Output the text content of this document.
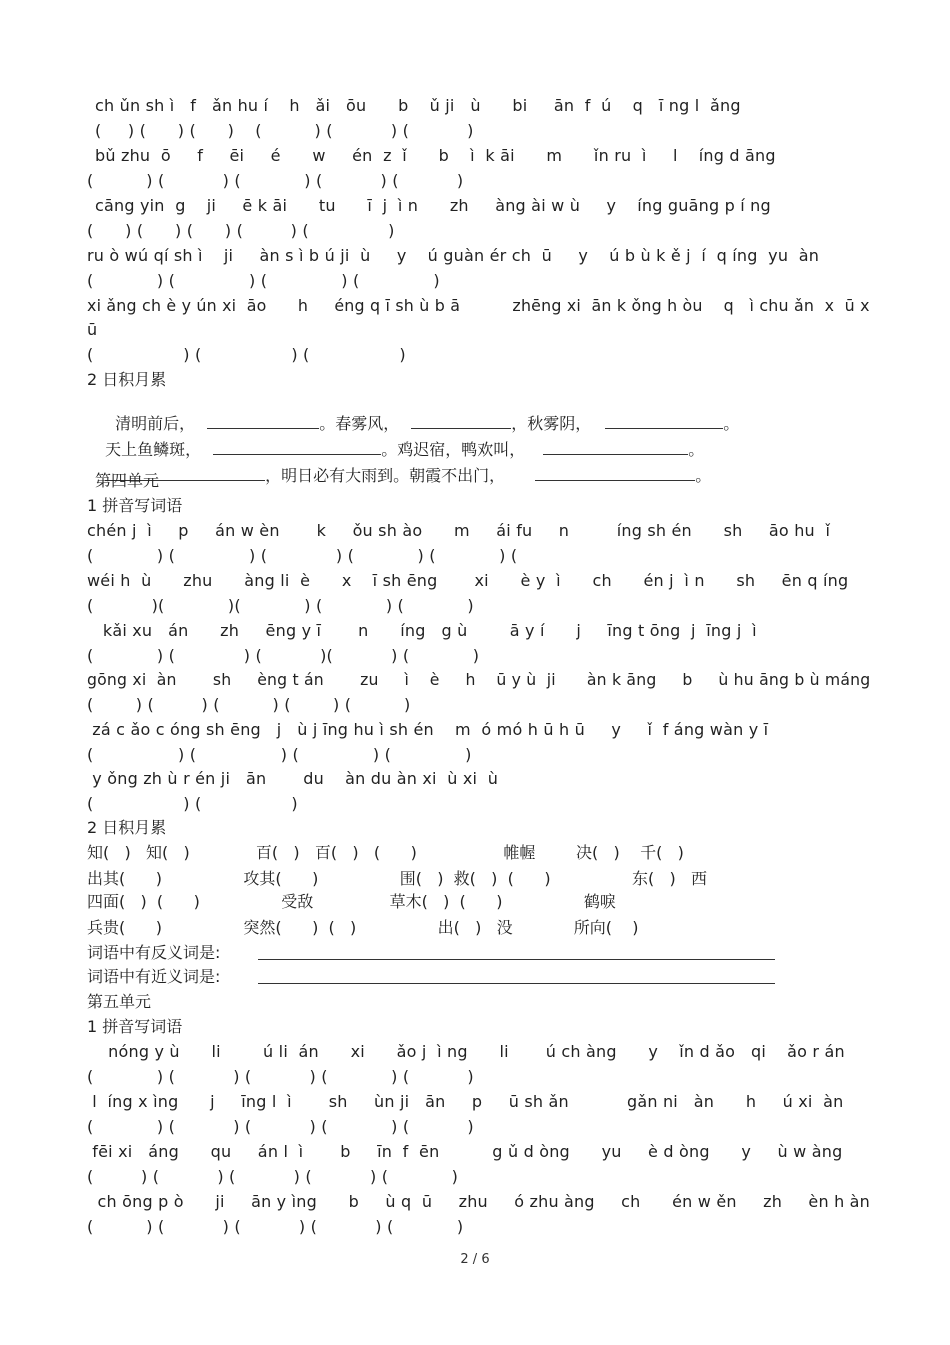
ch ǔn sh ì   f   ǎn hu í    h   ǎi   ōu      b    ǔ ji   ù      bi     ān  f  ú    q   ī ng l  ǎng
(     ) (      ) (      )    (          ) (           ) (           )
bǔ zhu  ō     f     ēi     é      w     én  z  ǐ      b    ì  k āi      m      ǐn ru  ì     l    íng d āng
(          ) (           ) (            ) (           ) (           )
cāng yin  g    ji     ē k āi      tu      ī  j  ì n      zh     àng ài w ù     y    íng guāng p í ng
(      ) (      ) (      ) (         ) (               )
ru ò wú qí sh ì    ji     àn s ì b ú ji  ù     y    ú guàn ér ch  ū     y    ú b ù k ě j  í  q íng  yu  àn
(            ) (              ) (              ) (              )
xi ǎng ch è y ún xi  āo      h     éng q ī sh ù b ā          zhēng xi  ān k ǒng h òu    q   ì chu ǎn  x  ū x
ū
(                 ) (                 ) (                 )
2 日积月累

清明前后，	。春雾风，	，秋雾阴，	。

天上鱼鳞斑，	。鸡迟宿，鸭欢叫，	。

，明日必有大雨到。朝霞不出门，	。

第四单元
1 拼音写词语
chén j  ì     p     án w èn       k     ǒu sh ào      m     ái fu     n         íng sh én      sh     āo hu  ǐ
(            ) (              ) (             ) (            ) (            ) (
wéi h  ù      zhu      àng li  è      x    ī sh ēng       xi      è y  ì      ch      én j  ì n      sh     ēn q íng
(           )(            )(            ) (            ) (            )
kǎi xu   án      zh     ēng y ī       n      íng   g ù        ā y í      j     īng t ōng  j  īng j  ì
(            ) (             ) (           )(           ) (            )
gōng xi  àn       sh     èng t án       zu     ì    è     h    ū y ù  ji      àn k āng     b     ù hu āng b ù máng
(        ) (         ) (          ) (        ) (          )
zá c ǎo c óng sh ēng   j   ù j īng hu ì sh én    m  ó mó h ū h ū     y     ǐ  f áng wàn y ī
(                ) (                ) (              ) (              )
y ǒng zh ù r én ji   ān       du    àn du àn xi  ù xi  ù
(                 ) (                 )
2 日积月累
知(   )   知(   )             百(   )   百(   )   (      )                 帷幄        决(   )    千(   )
出其(      )                攻其(      )                围(   )  救(   )  (      )                东(   )   西
四面(   )  (      )                受敌               草木(   )  (      )                鹤唳
兵贵(      )                突然(      )  (   )                出(   )   没            所向(    )
词语中有反义词是:
词语中有近义词是:
第五单元
1 拼音写词语
nóng y ù      li        ú li  án      xi      ǎo j  ì ng      li       ú ch àng      y    ǐn d ǎo   qi    ǎo r án
(            ) (           ) (           ) (            ) (           )
l  íng x ìng      j     īng l  ì       sh     ùn ji   ān     p     ū sh ǎn           gǎn ni   àn      h     ú xi  àn
(            ) (           ) (           ) (            ) (           )
fēi xi   áng      qu     án l  ì       b     īn  f  ēn          g ǔ d òng      yu     è d òng      y     ù w àng
(         ) (           ) (           ) (           ) (            )
ch ōng p ò      ji     ān y ìng      b     ù q  ū     zhu     ó zhu àng     ch      én w ěn     zh     èn h àn
(          ) (           ) (           ) (           ) (            )
2 / 6
